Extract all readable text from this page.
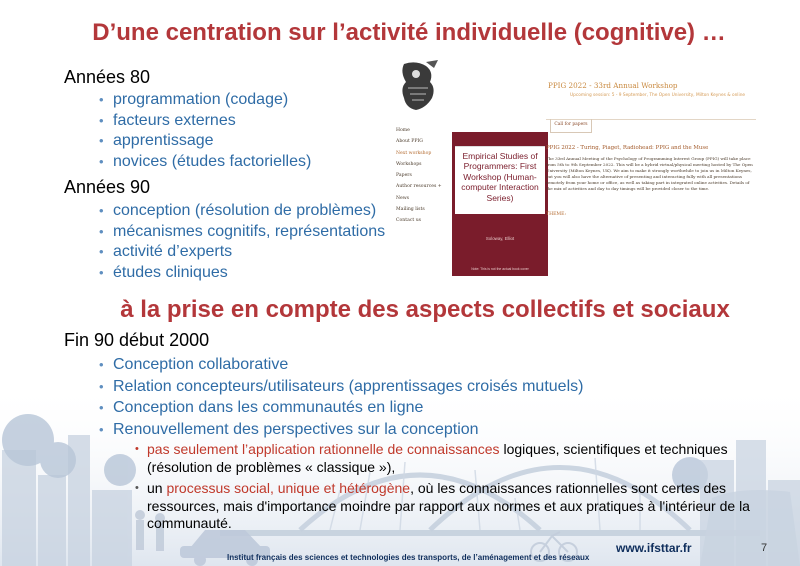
D’une centration sur l’activité individuelle (cognitive) …
Années 80
• programmation (codage)
• facteurs externes
• apprentissage
• novices (études factorielles)
Années 90
• conception (résolution de problèmes)
• mécanismes cognitifs, représentations
• activité d’experts
• études cliniques
Home
About PPIG
Next workshop
Workshops
Papers
Author resources +
News
Mailing lists
Contact us
Empirical Studies of Programmers: First Workshop (Human-computer Interaction Series)
Soloway, Elliot
Note: This is not the actual book cover
PPIG 2022 - 33rd Annual Workshop
Upcoming session: 5 - 9 September, The Open University, Milton Keynes & online
Call for papers
PPIG 2022 - Turing, Piaget, Radiohead: PPIG and the Muse
The 33rd Annual Meeting of the Psychology of Programming Interest Group (PPIG) will take place from 5th to 9th September 2022. This will be a hybrid virtual/physical meeting hosted by The Open University (Milton Keynes, UK). We aim to make it strongly worthwhile to join us in Milton Keynes, but you will also have the alternative of presenting and interacting fully with all presentations remotely from your home or office, as well as taking part in integrated online activities. Details of the mix of activities and day to day timings will be provided closer to the time.
THEME:
à la prise en compte des aspects collectifs et sociaux
Fin 90 début 2000
• Conception collaborative
• Relation concepteurs/utilisateurs (apprentissages croisés mutuels)
• Conception dans les communautés en ligne
• Renouvellement des perspectives sur la conception
• pas seulement l’application rationnelle de connaissances logiques, scientifiques et techniques (résolution de problèmes « classique »),
• un processus social, unique et hétérogène, où les connaissances rationnelles sont certes des ressources, mais d'importance moindre par rapport aux normes et aux pratiques à l'intérieur de la communauté.
www.ifsttar.fr	7
Institut français des sciences et technologies des transports, de l’aménagement et des réseaux
